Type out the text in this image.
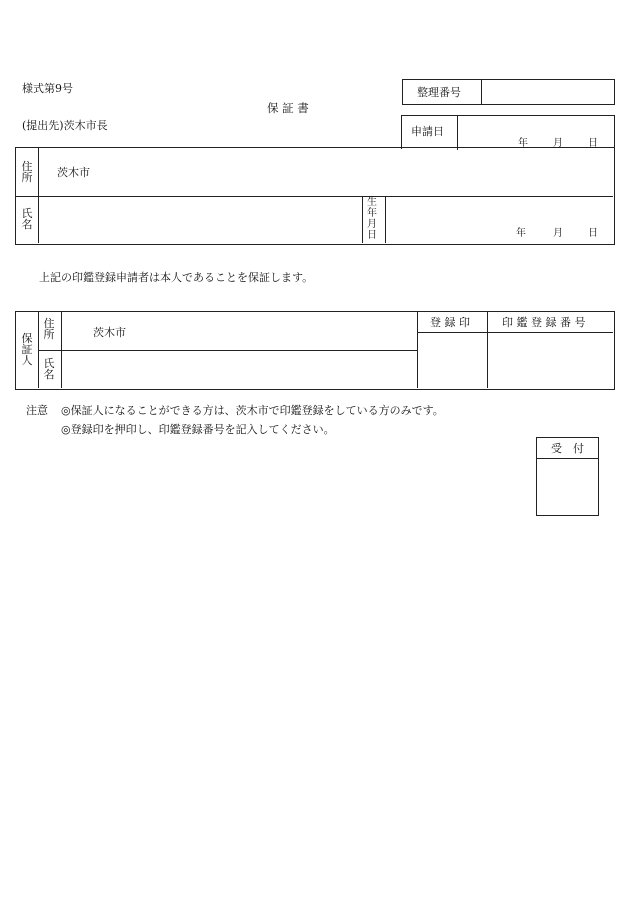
様式第9号
保 証 書
(提出先)茨木市長
整理番号
申請日
年	月	日
住所 茨木市
氏名
生年月日	年	月	日
上記の印鑑登録申請者は本人であることを保証します。
保証人
住所	茨木市
氏名
登 録 印	印 鑑 登 録 番 号
注意 ◎保証人になることができる方は、茨木市で印鑑登録をしている方のみです。
◎登録印を押印し、印鑑登録番号を記入してください。
受　付
